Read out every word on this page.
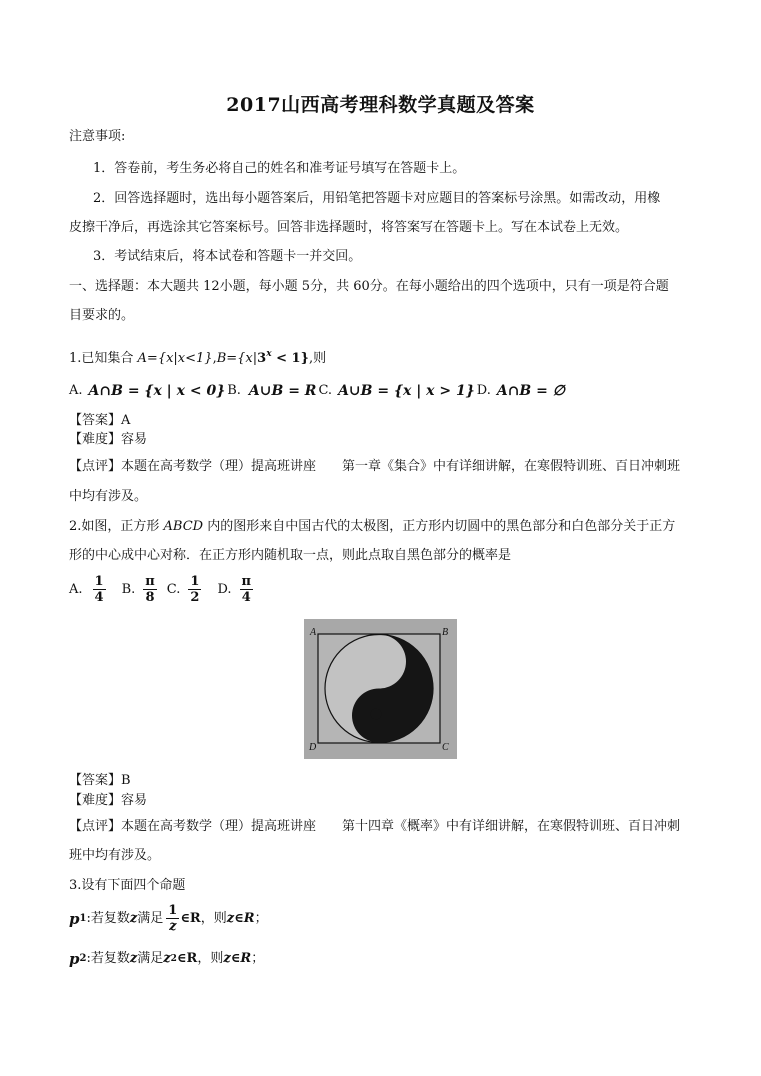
2017山西高考理科数学真题及答案
注意事项:
1．答卷前，考生务必将自己的姓名和准考证号填写在答题卡上。
2．回答选择题时，选出每小题答案后，用铅笔把答题卡对应题目的答案标号涂黑。如需改动，用橡
皮擦干净后，再选涂其它答案标号。回答非选择题时，将答案写在答题卡上。写在本试卷上无效。
3．考试结束后，将本试卷和答题卡一并交回。
一、选择题：本大题共 12小题，每小题 5分，共 60分。在每小题给出的四个选项中，只有一项是符合题
目要求的。
1.已知集合 $A=\{x|x<1\},B=\{x|3^x < 1\}$,则
A. A∩B = {x | x < 0} B. A∪B = R C. A∪B = {x | x > 1} D. A∩B = ∅
【答案】A
【难度】容易
【点评】本题在高考数学（理）提高班讲座　　第一章《集合》中有详细讲解，在寒假特训班、百日冲刺班
中均有涉及。
2.如图，正方形 ABCD 内的图形来自中国古代的太极图，正方形内切圆中的黑色部分和白色部分关于正方
形的中心成中心对称．在正方形内随机取一点，则此点取自黑色部分的概率是
A. $\frac{1}{4} B$. $\frac{\pi}{8} C$. $\frac{1}{2} D$. $\frac{\pi}{4}$
A	B
C
D
【答案】B
【难度】容易
【点评】本题在高考数学（理）提高班讲座　　第十四章《概率》中有详细讲解，在寒假特训班、百日冲刺
班中均有涉及。
3.设有下面四个命题
p 1 :若复数 z 满足 $\frac{1}{z}$ ∈R ，则 z∈R ；
p 2 :若复数 z 满足 z 2 ∈R ，则 z∈R ；
